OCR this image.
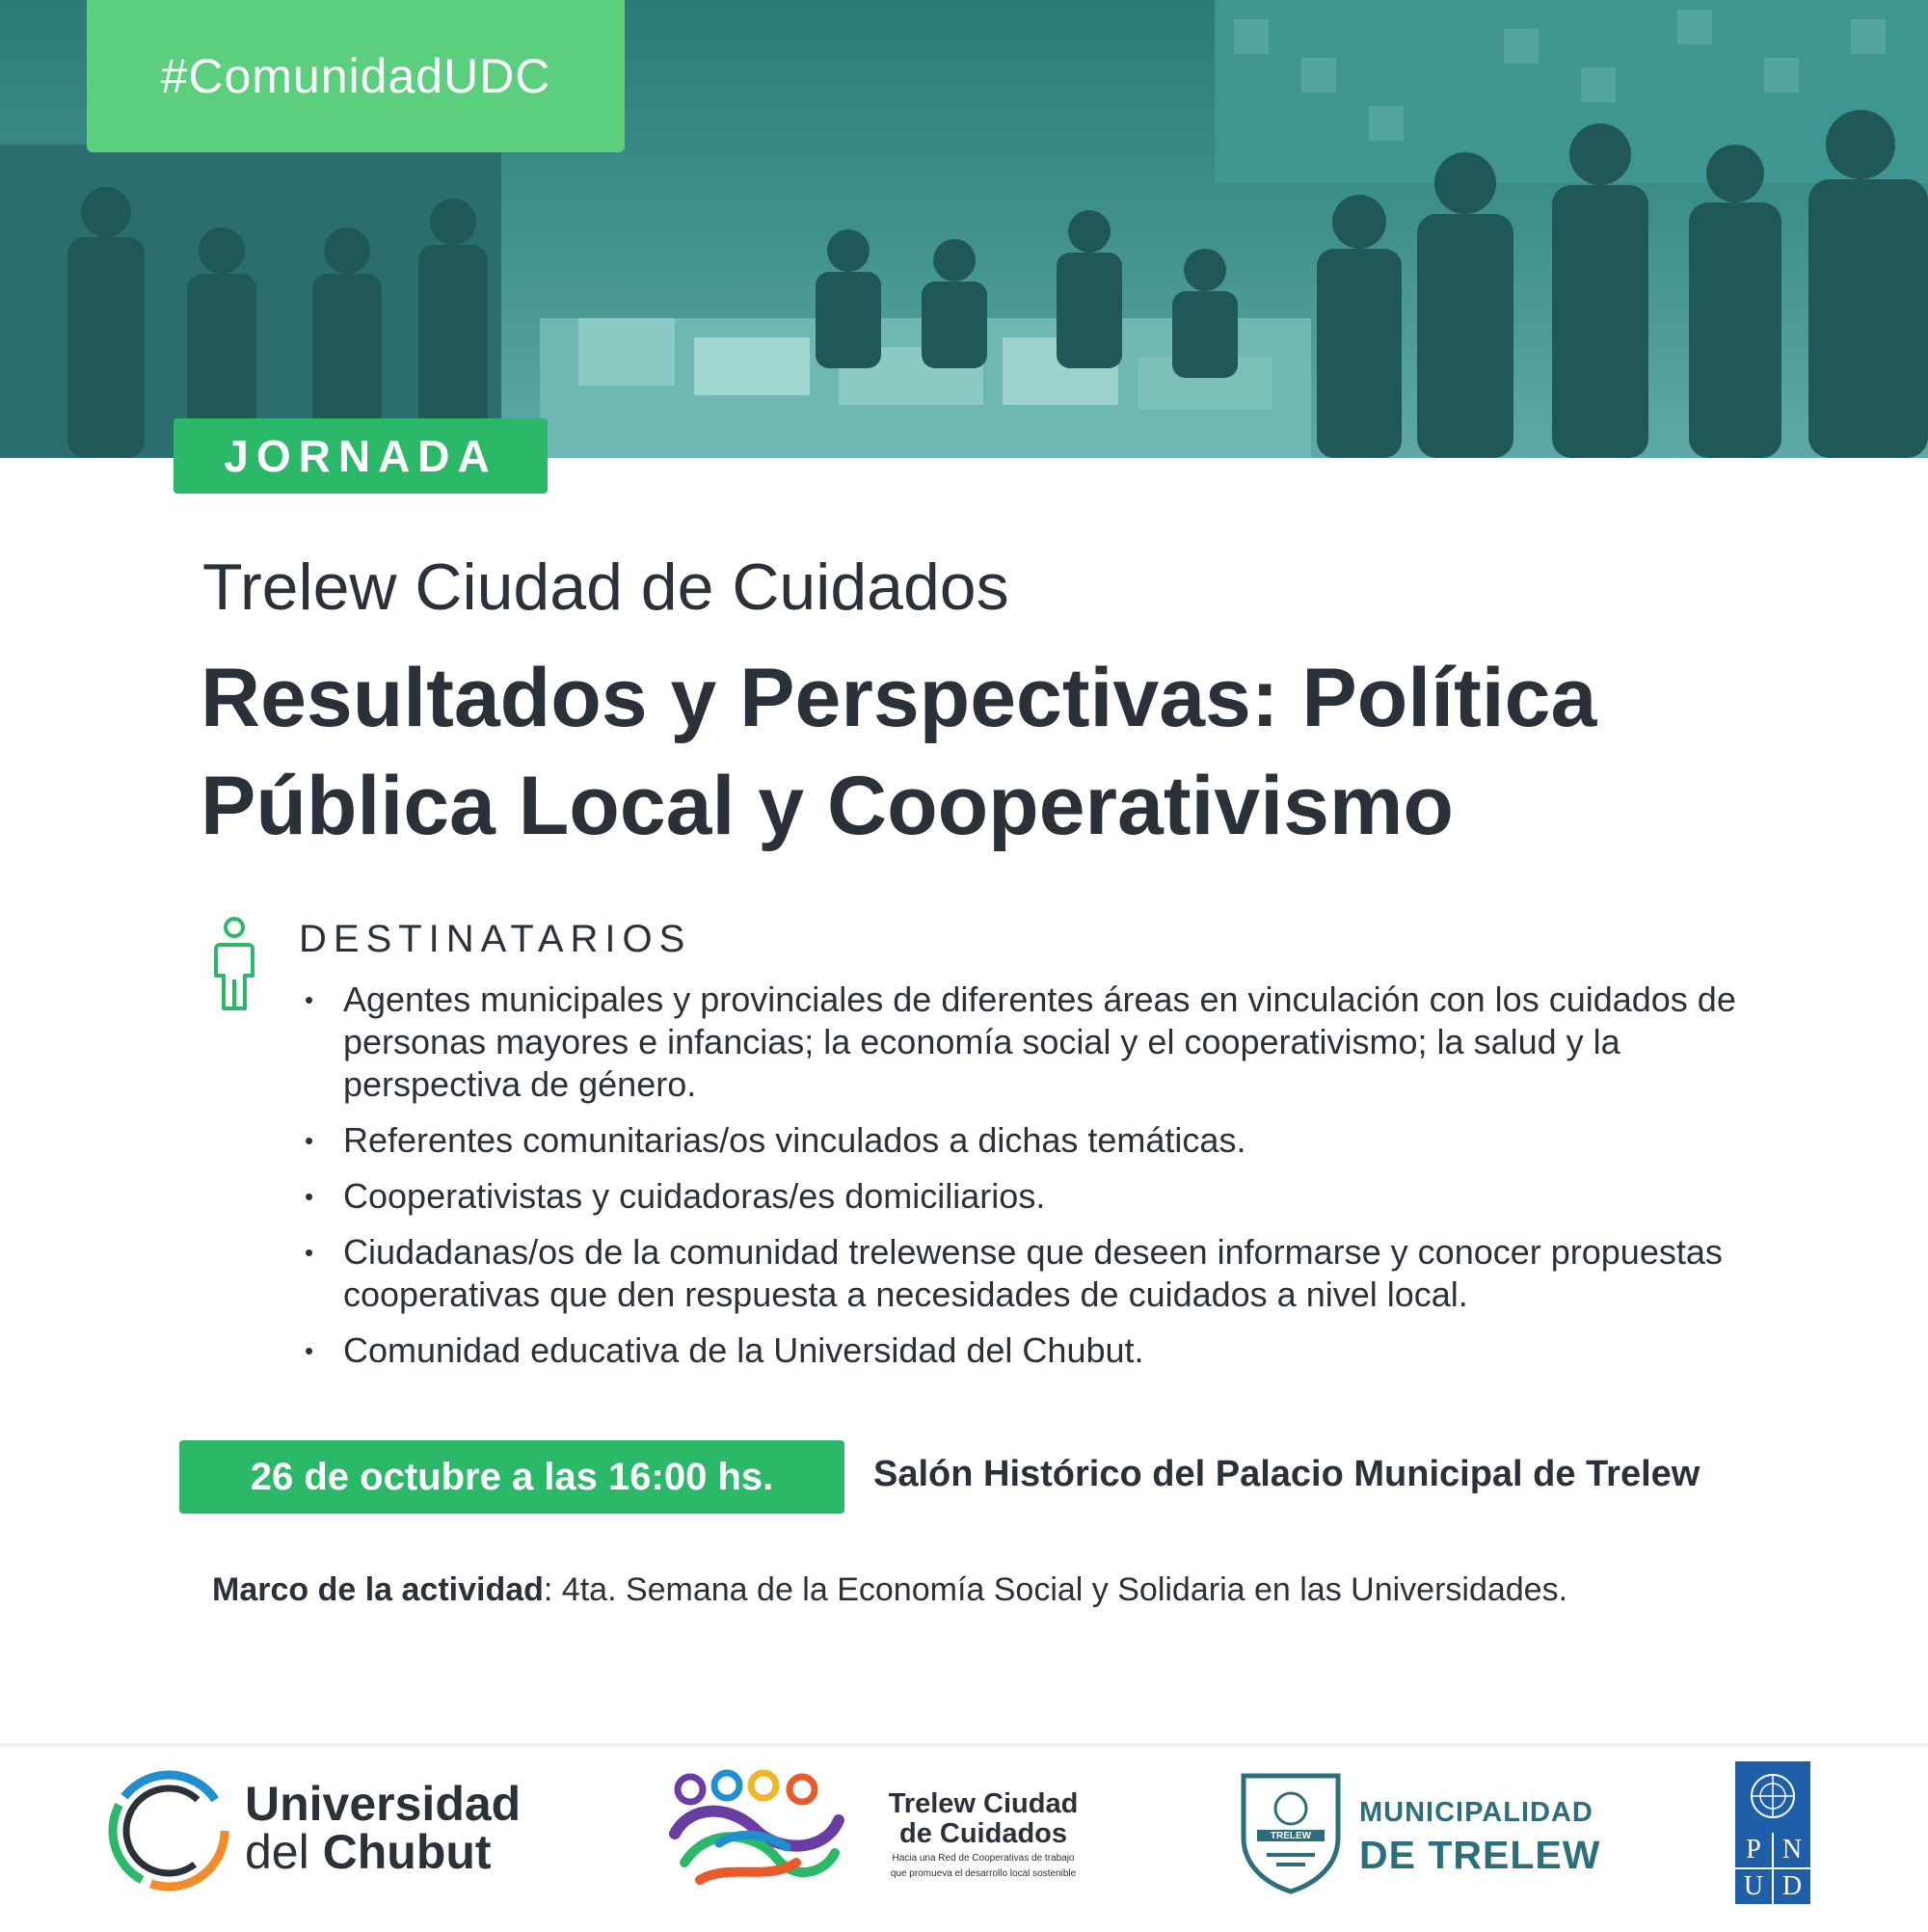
#ComunidadUDC
JORNADA
Trelew Ciudad de Cuidados
Resultados y Perspectivas: Política
Pública Local y Cooperativismo
DESTINATARIOS
• Agentes municipales y provinciales de diferentes áreas en vinculación con los cuidados de personas mayores e infancias; la economía social y el cooperativismo; la salud y la perspectiva de género.
• Referentes comunitarias/os vinculados a dichas temáticas.
• Cooperativistas y cuidadoras/es domiciliarios.
• Ciudadanas/os de la comunidad trelewense que deseen informarse y conocer propuestas cooperativas que den respuesta a necesidades de cuidados a nivel local.
• Comunidad educativa de la Universidad del Chubut.
26 de octubre a las 16:00 hs.	Salón Histórico del Palacio Municipal de Trelew
Marco de la actividad: 4ta. Semana de la Economía Social y Solidaria en las Universidades.
Universidad
del Chubut
Trelew Ciudad
de Cuidados
Hacia una Red de Cooperativas de trabajo
que promueva el desarrollo local sostenible
TRELEW
MUNICIPALIDAD
DE TRELEW	P N
U D
